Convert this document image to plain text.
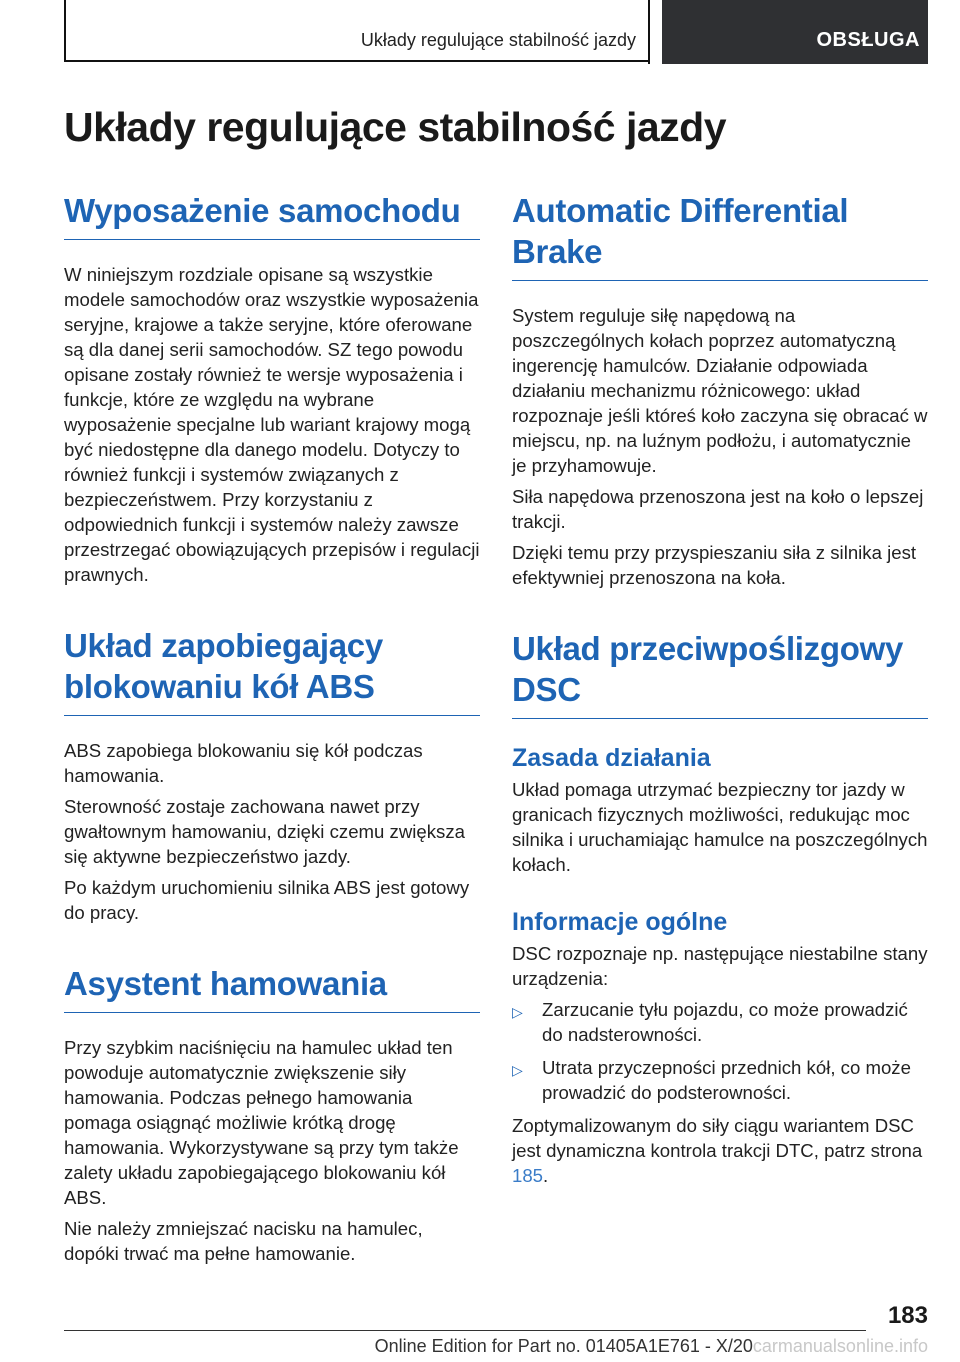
Układy regulujące stabilność jazdy	OBSŁUGA
Układy regulujące stabilność jazdy
Wyposażenie samochodu

W niniejszym rozdziale opisane są wszystkie modele samochodów oraz wszystkie wyposażenia seryjne, krajowe a także seryjne, które oferowane są dla danej serii samochodów. SZ tego powodu opisane zostały również te wersje wyposażenia i funkcje, które ze względu na wybrane wyposażenie specjalne lub wariant krajowy mogą być niedostępne dla danego modelu. Dotyczy to również funkcji i systemów związanych z bezpieczeństwem. Przy korzystaniu z odpowiednich funkcji i systemów należy zawsze przestrzegać obowiązujących przepisów i regulacji prawnych.

Układ zapobiegający blokowaniu kół ABS

ABS zapobiega blokowaniu się kół podczas hamowania.

Sterowność zostaje zachowana nawet przy gwałtownym hamowaniu, dzięki czemu zwiększa się aktywne bezpieczeństwo jazdy.

Po każdym uruchomieniu silnika ABS jest gotowy do pracy.

Asystent hamowania

Przy szybkim naciśnięciu na hamulec układ ten powoduje automatycznie zwiększenie siły hamowania. Podczas pełnego hamowania pomaga osiągnąć możliwie krótką drogę hamowania. Wykorzystywane są przy tym także zalety układu zapobiegającego blokowaniu kół ABS.

Nie należy zmniejszać nacisku na hamulec, dopóki trwać ma pełne hamowanie.

Automatic Differential Brake

System reguluje siłę napędową na poszczególnych kołach poprzez automatyczną ingerencję hamulców. Działanie odpowiada działaniu mechanizmu różnicowego: układ rozpoznaje jeśli któreś koło zaczyna się obracać w miejscu, np. na luźnym podłożu, i automatycznie je przyhamowuje.

Siła napędowa przenoszona jest na koło o lepszej trakcji.

Dzięki temu przy przyspieszaniu siła z silnika jest efektywniej przenoszona na koła.

Układ przeciwpoślizgowy DSC
Zasada działania

Układ pomaga utrzymać bezpieczny tor jazdy w granicach fizycznych możliwości, redukując moc silnika i uruchamiając hamulce na poszczególnych kołach.

Informacje ogólne

DSC rozpoznaje np. następujące niestabilne stany urządzenia:

▷ Zarzucanie tyłu pojazdu, co może prowadzić do nadsterowności.
▷ Utrata przyczepności przednich kół, co może prowadzić do podsterowności.

Zoptymalizowanym do siły ciągu wariantem DSC jest dynamiczna kontrola trakcji DTC, patrz strona 185.

183
Online Edition for Part no. 01405A1E761 - X/20carmanualsonline.info
